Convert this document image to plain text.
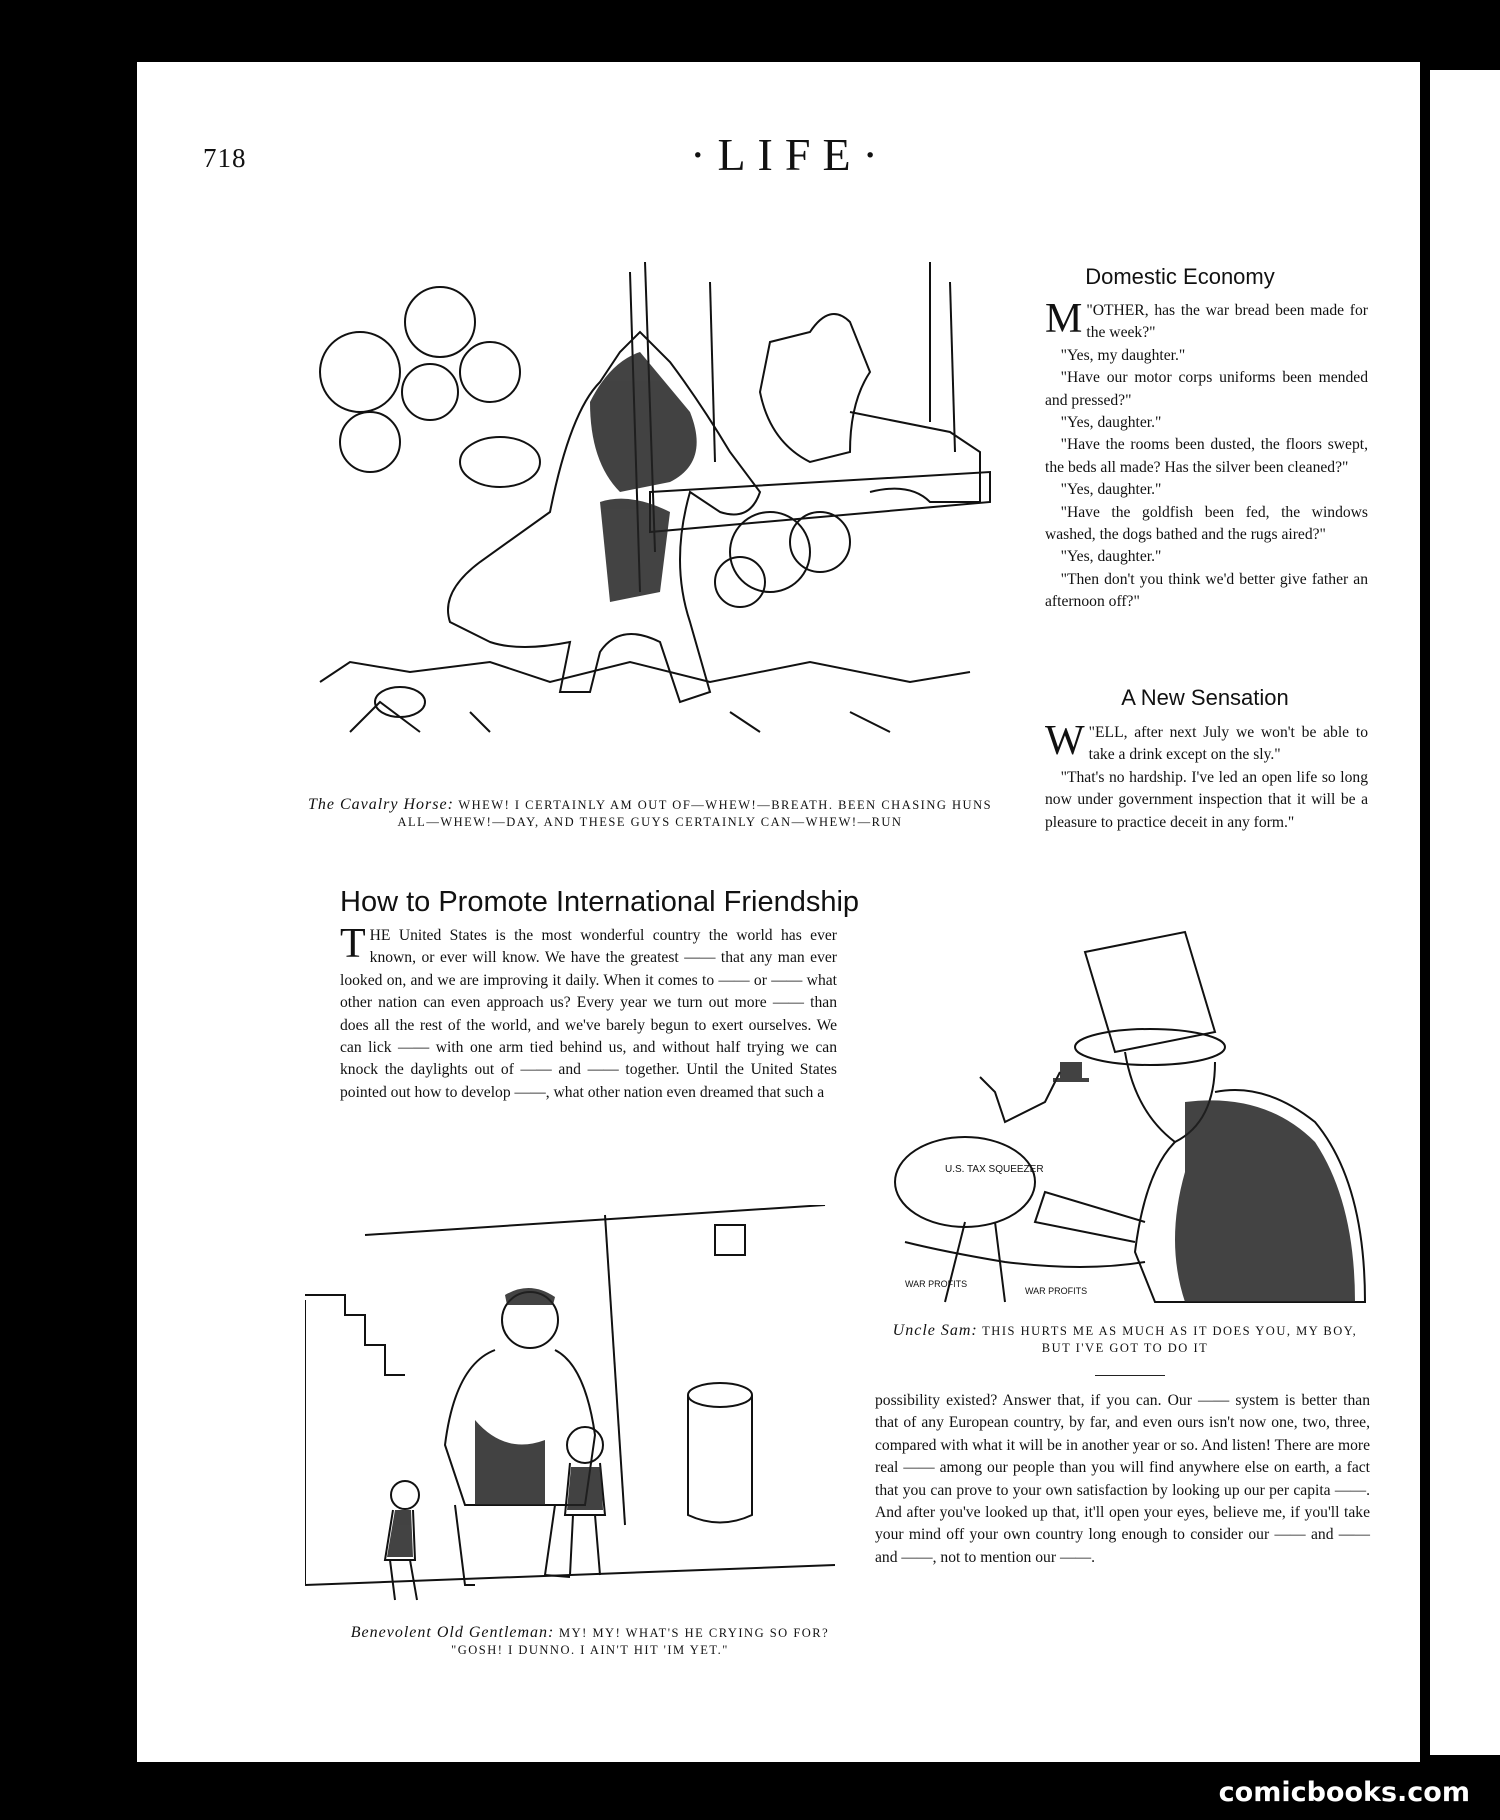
718	·LIFE·
The Cavalry Horse: WHEW! I CERTAINLY AM OUT OF—WHEW!—BREATH. BEEN CHASING HUNS ALL—WHEW!—DAY, AND THESE GUYS CERTAINLY CAN—WHEW!—RUN
Domestic Economy

"
M OTHER, has the war bread been made for the week?"

"Yes, my daughter."

"Have our motor corps uniforms been mended and pressed?"

"Yes, daughter."

"Have the rooms been dusted, the floors swept, the beds all made? Has the silver been cleaned?"

"Yes, daughter."

"Have the goldfish been fed, the windows washed, the dogs bathed and the rugs aired?"

"Yes, daughter."

"Then don't you think we'd better give father an afternoon off?"

A New Sensation

"
W ELL, after next July we won't be able to take a drink except on the sly."

"That's no hardship. I've led an open life so long now under government inspection that it will be a pleasure to practice deceit in any form."

How to Promote International Friendship

THE United States is the most wonderful country the world has ever known, or ever will know. We have the greatest —— that any man ever looked on, and we are improving it daily. When it comes to —— or —— what other nation can even approach us? Every year we turn out more —— than does all the rest of the world, and we've barely begun to exert ourselves. We can lick —— with one arm tied behind us, and without half trying we can knock the daylights out of —— and —— together. Until the United States pointed out how to develop ——, what other nation even dreamed that such a

U.S. TAX SQUEEZER
WAR PROFITS
WAR PROFITS
Uncle Sam: THIS HURTS ME AS MUCH AS IT DOES YOU, MY BOY, BUT I'VE GOT TO DO IT

possibility existed? Answer that, if you can. Our —— system is better than that of any European country, by far, and even ours isn't now one, two, three, compared with what it will be in another year or so. And listen! There are more real —— among our people than you will find anywhere else on earth, a fact that you can prove to your own satisfaction by looking up our per capita ——. And after you've looked up that, it'll open your eyes, believe me, if you'll take your mind off your own country long enough to consider our —— and —— and ——, not to mention our ——.

Benevolent Old Gentleman: MY! MY! WHAT'S HE CRYING SO FOR?
"GOSH! I DUNNO. I AIN'T HIT 'IM YET."
comicbooks.com
